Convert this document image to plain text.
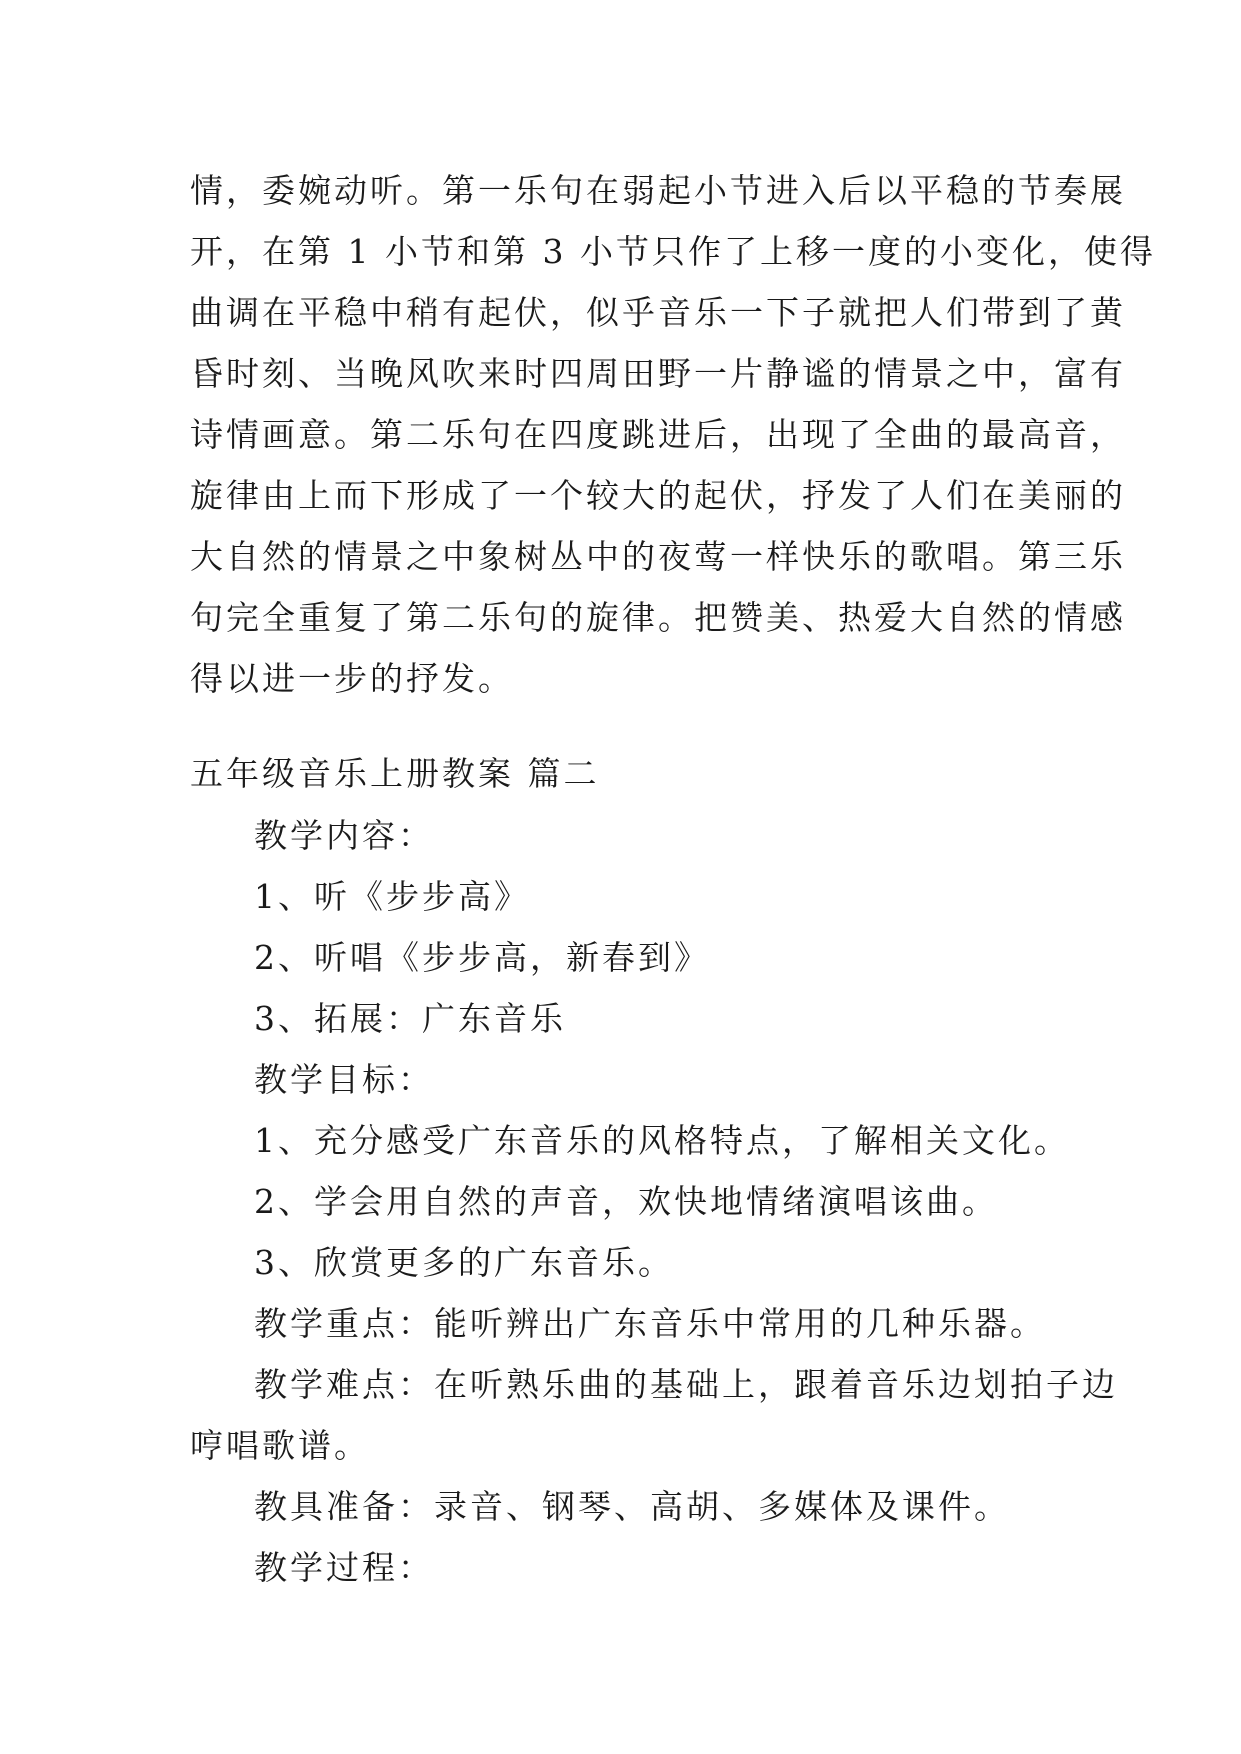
情，委婉动听。第一乐句在弱起小节进入后以平稳的节奏展
开，在第 1 小节和第 3 小节只作了上移一度的小变化，使得
曲调在平稳中稍有起伏，似乎音乐一下子就把人们带到了黄
昏时刻、当晚风吹来时四周田野一片静谧的情景之中，富有
诗情画意。第二乐句在四度跳进后，出现了全曲的最高音，
旋律由上而下形成了一个较大的起伏，抒发了人们在美丽的
大自然的情景之中象树丛中的夜莺一样快乐的歌唱。第三乐
句完全重复了第二乐句的旋律。把赞美、热爱大自然的情感
得以进一步的抒发。
五年级音乐上册教案 篇二
教学内容：
1、听《步步高》
2、听唱《步步高，新春到》
3、拓展：广东音乐
教学目标：
1、充分感受广东音乐的风格特点，了解相关文化。
2、学会用自然的声音，欢快地情绪演唱该曲。
3、欣赏更多的广东音乐。
教学重点：能听辨出广东音乐中常用的几种乐器。
教学难点：在听熟乐曲的基础上，跟着音乐边划拍子边
哼唱歌谱。
教具准备：录音、钢琴、高胡、多媒体及课件。
教学过程：
